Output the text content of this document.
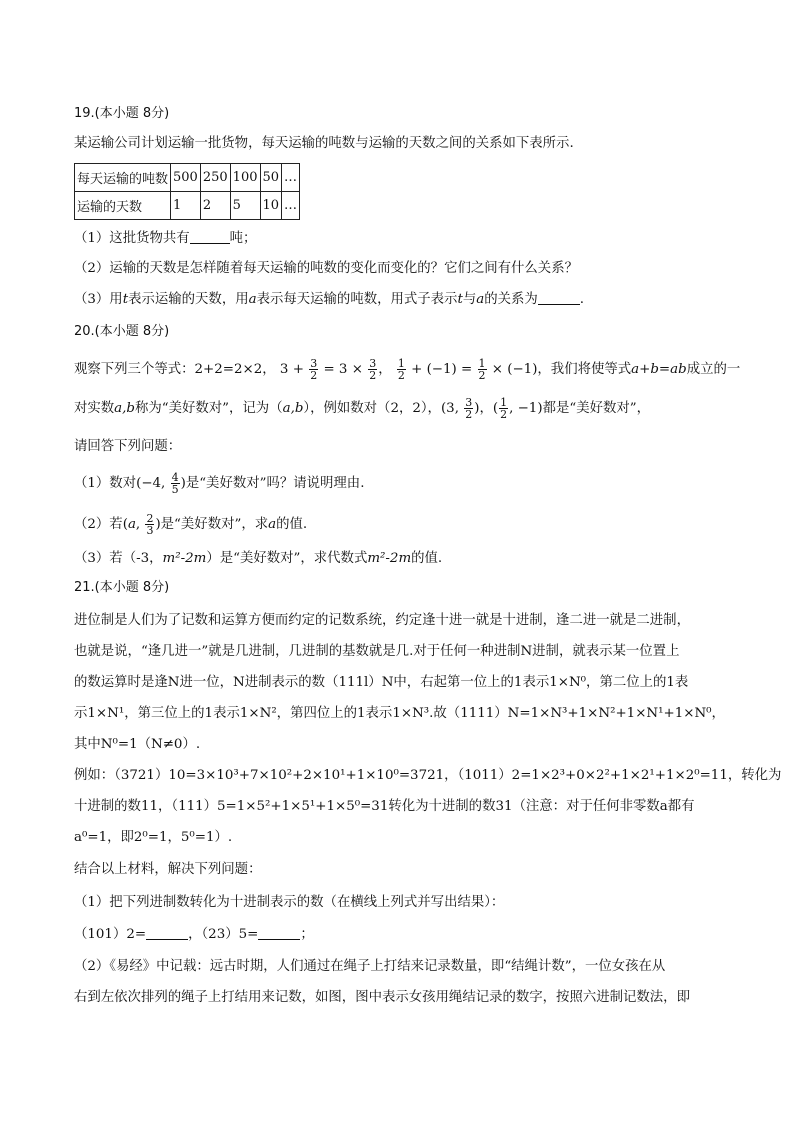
19.(本小题 8分)
某运输公司计划运输一批货物，每天运输的吨数与运输的天数之间的关系如下表所示.
每天运输的吨数	500	250	100	50	…
运输的天数	1	2	5	10	…
（1）这批货物共有	吨；
（2）运输的天数是怎样随着每天运输的吨数的变化而变化的？它们之间有什么关系？
（3）用t表示运输的天数，用a表示每天运输的吨数，用式子表示t与a的关系为	.
20.(本小题 8分)
观察下列三个等式：2+2=2×2， $3 + \frac{3}{2} = 3 \times \frac{3}{2}$ ， $\frac{1}{2} + (-1) = \frac{1}{2} \times (-1)$，我们将使等式a+b=ab成立的一
对实数a,b称为“美好数对”，记为（a,b），例如数对（2，2），(3, $\frac{3}{2}$ )，( $\frac{1}{2}$ , −1)都是“美好数对”，
请回答下列问题：
（1）数对(−4, $\frac{4}{5}$ )是“美好数对”吗？请说明理由.
（2）若(a, $\frac{2}{3}$ )是“美好数对”，求a的值.
（3）若（-3，m²-2m）是“美好数对”，求代数式m²-2m的值.
21.(本小题 8分)
进位制是人们为了记数和运算方便而约定的记数系统，约定逢十进一就是十进制，逢二进一就是二进制，
也就是说，“逢几进一”就是几进制，几进制的基数就是几.对于任何一种进制N进制，就表示某一位置上
的数运算时是逢N进一位，N进制表示的数（111l）N中，右起第一位上的1表示1×N⁰，第二位上的1表
示1×N¹，第三位上的1表示1×N²，第四位上的1表示1×N³.故（1111）N=1×N³+1×N²+1×N¹+1×N⁰，
其中N⁰=1（N≠0）.
例如：（3721）10=3×10³+7×10²+2×10¹+1×10⁰=3721，（1011）2=1×2³+0×2²+1×2¹+1×2⁰=11，转化为
十进制的数11，（111）5=1×5²+1×5¹+1×5⁰=31转化为十进制的数31（注意：对于任何非零数a都有
a⁰=1，即2⁰=1，5⁰=1）.
结合以上材料，解决下列问题：
（1）把下列进制数转化为十进制表示的数（在横线上列式并写出结果）：
（101）2=	，（23）5=	；
（2）《易经》中记载：远古时期，人们通过在绳子上打结来记录数量，即“结绳计数”，一位女孩在从
右到左依次排列的绳子上打结用来记数，如图，图中表示女孩用绳结记录的数字，按照六进制记数法，即
